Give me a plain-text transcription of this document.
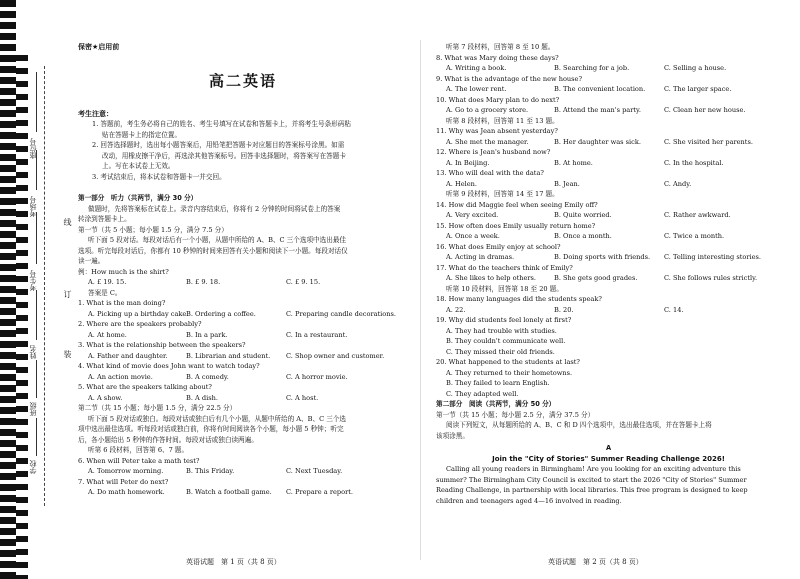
座位号
考场号
考生号
姓名
班级
学校
线
订
装
保密★启用前
高二英语
考生注意：
1. 答题前，考生务必将自己的姓名、考生号填写在试卷和答题卡上，并将考生号条形码粘
贴在答题卡上的指定位置。
2. 回答选择题时，选出每小题答案后，用铅笔把答题卡对应题目的答案标号涂黑。如需
改动，用橡皮擦干净后，再选涂其他答案标号。回答非选择题时，将答案写在答题卡
上。写在本试卷上无效。
3. 考试结束后，将本试卷和答题卡一并交回。
第一部分　听力（共两节，满分 30 分）
做题时，先将答案标在试卷上。录音内容结束后，你将有 2 分钟的时间将试卷上的答案
转涂到答题卡上。
第一节（共 5 小题；每小题 1.5 分，满分 7.5 分）
听下面 5 段对话。每段对话后有一个小题，从题中所给的 A、B、C 三个选项中选出最佳
选项。听完每段对话后，你都有 10 秒钟的时间来回答有关小题和阅读下一小题。每段对话仅
读一遍。
例：How much is the shirt?
A. £ 19. 15.	B. £ 9. 18.	C. £ 9. 15.
答案是 C。
1. What is the man doing?
A. Picking up a birthday cake.
B. Ordering a coffee.	C. Preparing candle decorations.
2. Where are the speakers probably?
A. At home.	B. In a park.	C. In a restaurant.
3. What is the relationship between the speakers?
A. Father and daughter.	B. Librarian and student.	C. Shop owner and customer.
4. What kind of movie does John want to watch today?
A. An action movie.	B. A comedy.	C. A horror movie.
5. What are the speakers talking about?
A. A show.	B. A dish.	C. A host.
第二节（共 15 小题；每小题 1.5 分，满分 22.5 分）
听下面 5 段对话或独白。每段对话或独白后有几个小题，从题中所给的 A、B、C 三个选
项中选出最佳选项。听每段对话或独白前，你将有时间阅读各个小题，每小题 5 秒钟；听完
后，各小题给出 5 秒钟的作答时间。每段对话或独白读两遍。
听第 6 段材料，回答第 6、7 题。
6. When will Peter take a math test?
A. Tomorrow morning.	B. This Friday.	C. Next Tuesday.
7. What will Peter do next?
A. Do math homework.	B. Watch a football game.	C. Prepare a report.
听第 7 段材料，回答第 8 至 10 题。
8. What was Mary doing these days?
A. Writing a book.	B. Searching for a job.	C. Selling a house.
9. What is the advantage of the new house?
A. The lower rent.	B. The convenient location.	C. The larger space.
10. What does Mary plan to do next?
A. Go to a grocery store.	B. Attend the man's party.	C. Clean her new house.
听第 8 段材料，回答第 11 至 13 题。
11. Why was Jean absent yesterday?
A. She met the manager.	B. Her daughter was sick.	C. She visited her parents.
12. Where is Jean's husband now?
A. In Beijing.	B. At home.	C. In the hospital.
13. Who will deal with the data?
A. Helen.	B. Jean.	C. Andy.
听第 9 段材料，回答第 14 至 17 题。
14. How did Maggie feel when seeing Emily off?
A. Very excited.	B. Quite worried.	C. Rather awkward.
15. How often does Emily usually return home?
A. Once a week.	B. Once a month.	C. Twice a month.
16. What does Emily enjoy at school?
A. Acting in dramas.	B. Doing sports with friends.	C. Telling interesting stories.
17. What do the teachers think of Emily?
A. She likes to help others.	B. She gets good grades.	C. She follows rules strictly.
听第 10 段材料，回答第 18 至 20 题。
18. How many languages did the students speak?
A. 22.	B. 20.	C. 14.
19. Why did students feel lonely at first?
A. They had trouble with studies.
B. They couldn't communicate well.
C. They missed their old friends.
20. What happened to the students at last?
A. They returned to their hometowns.
B. They failed to learn English.
C. They adapted well.
第二部分　阅读（共两节，满分 50 分）
第一节（共 15 小题；每小题 2.5 分，满分 37.5 分）
阅读下列短文，从每题所给的 A、B、C 和 D 四个选项中，选出最佳选项，并在答题卡上将
该项涂黑。
A
Join the "City of Stories" Summer Reading Challenge 2026!
Calling all young readers in Birmingham! Are you looking for an exciting adventure this
summer? The Birmingham City Council is excited to start the 2026 "City of Stories" Summer
Reading Challenge, in partnership with local libraries. This free program is designed to keep
children and teenagers aged 4—16 involved in reading.
英语试题　第 1 页（共 8 页）	英语试题　第 2 页（共 8 页）
